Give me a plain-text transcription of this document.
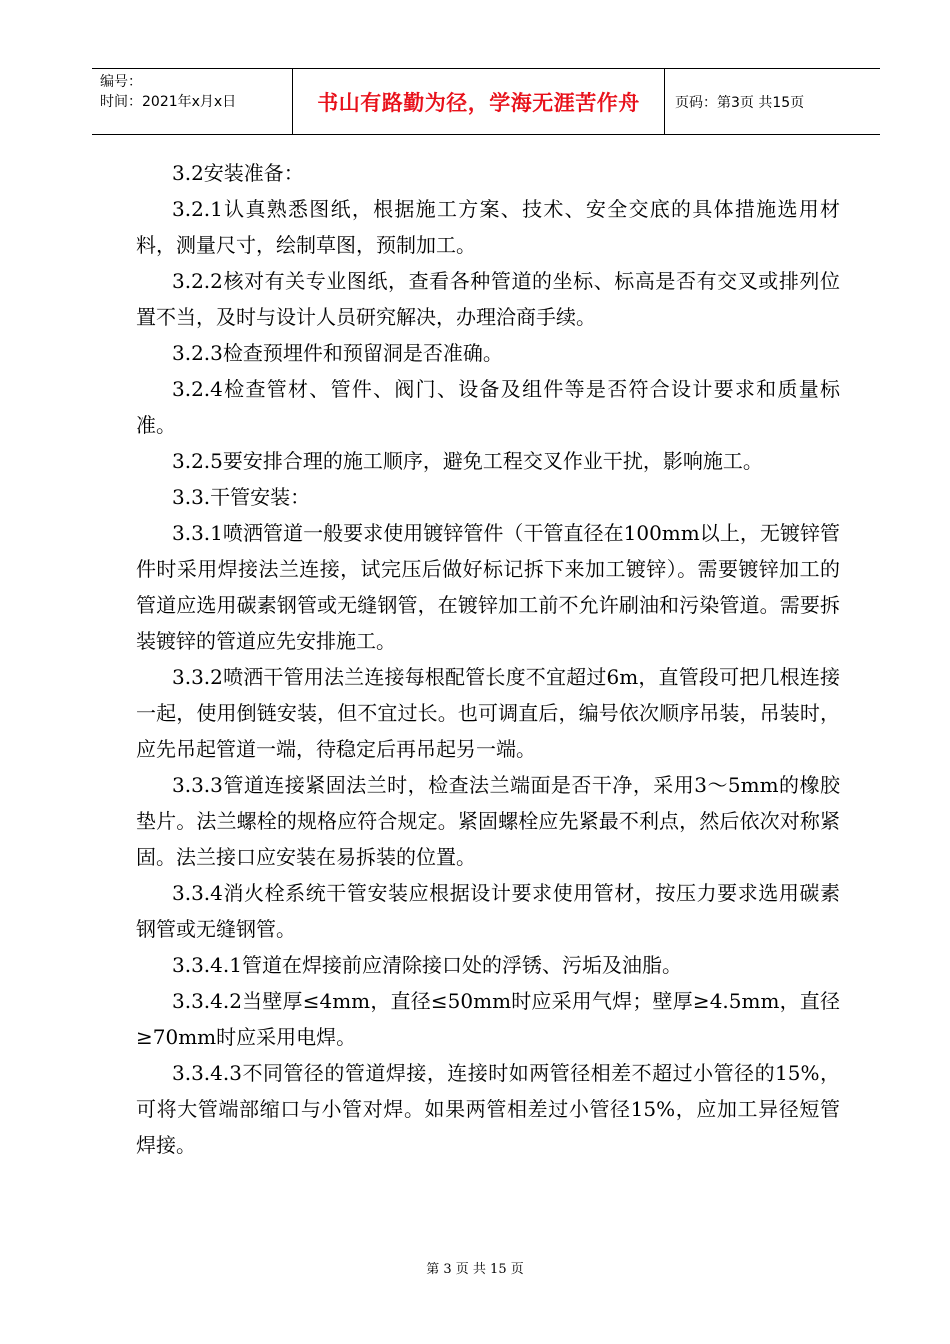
编号：
时间：2021年x月x日	书山有路勤为径，学海无涯苦作舟	页码：第3页 共15页

3.2安装准备：

3.2.1认真熟悉图纸，根据施工方案、技术、安全交底的具体措施选用材料，测量尺寸，绘制草图，预制加工。

3.2.2核对有关专业图纸，查看各种管道的坐标、标高是否有交叉或排列位置不当，及时与设计人员研究解决，办理洽商手续。

3.2.3检查预埋件和预留洞是否准确。

3.2.4检查管材、管件、阀门、设备及组件等是否符合设计要求和质量标准。

3.2.5要安排合理的施工顺序，避免工程交叉作业干扰，影响施工。

3.3.干管安装：

3.3.1喷洒管道一般要求使用镀锌管件（干管直径在100mm以上，无镀锌管件时采用焊接法兰连接，试完压后做好标记拆下来加工镀锌）。需要镀锌加工的管道应选用碳素钢管或无缝钢管，在镀锌加工前不允许刷油和污染管道。需要拆装镀锌的管道应先安排施工。

3.3.2喷洒干管用法兰连接每根配管长度不宜超过6m，直管段可把几根连接一起，使用倒链安装，但不宜过长。也可调直后，编号依次顺序吊装，吊装时，应先吊起管道一端，待稳定后再吊起另一端。

3.3.3管道连接紧固法兰时，检查法兰端面是否干净，采用3～5mm的橡胶垫片。法兰螺栓的规格应符合规定。紧固螺栓应先紧最不利点，然后依次对称紧固。法兰接口应安装在易拆装的位置。

3.3.4消火栓系统干管安装应根据设计要求使用管材，按压力要求选用碳素钢管或无缝钢管。

3.3.4.1管道在焊接前应清除接口处的浮锈、污垢及油脂。

3.3.4.2当壁厚≤4mm，直径≤50mm时应采用气焊；壁厚≥4.5mm，直径≥70mm时应采用电焊。

3.3.4.3不同管径的管道焊接，连接时如两管径相差不超过小管径的15%，可将大管端部缩口与小管对焊。如果两管相差过小管径15%，应加工异径短管焊接。

第 3 页 共 15 页
